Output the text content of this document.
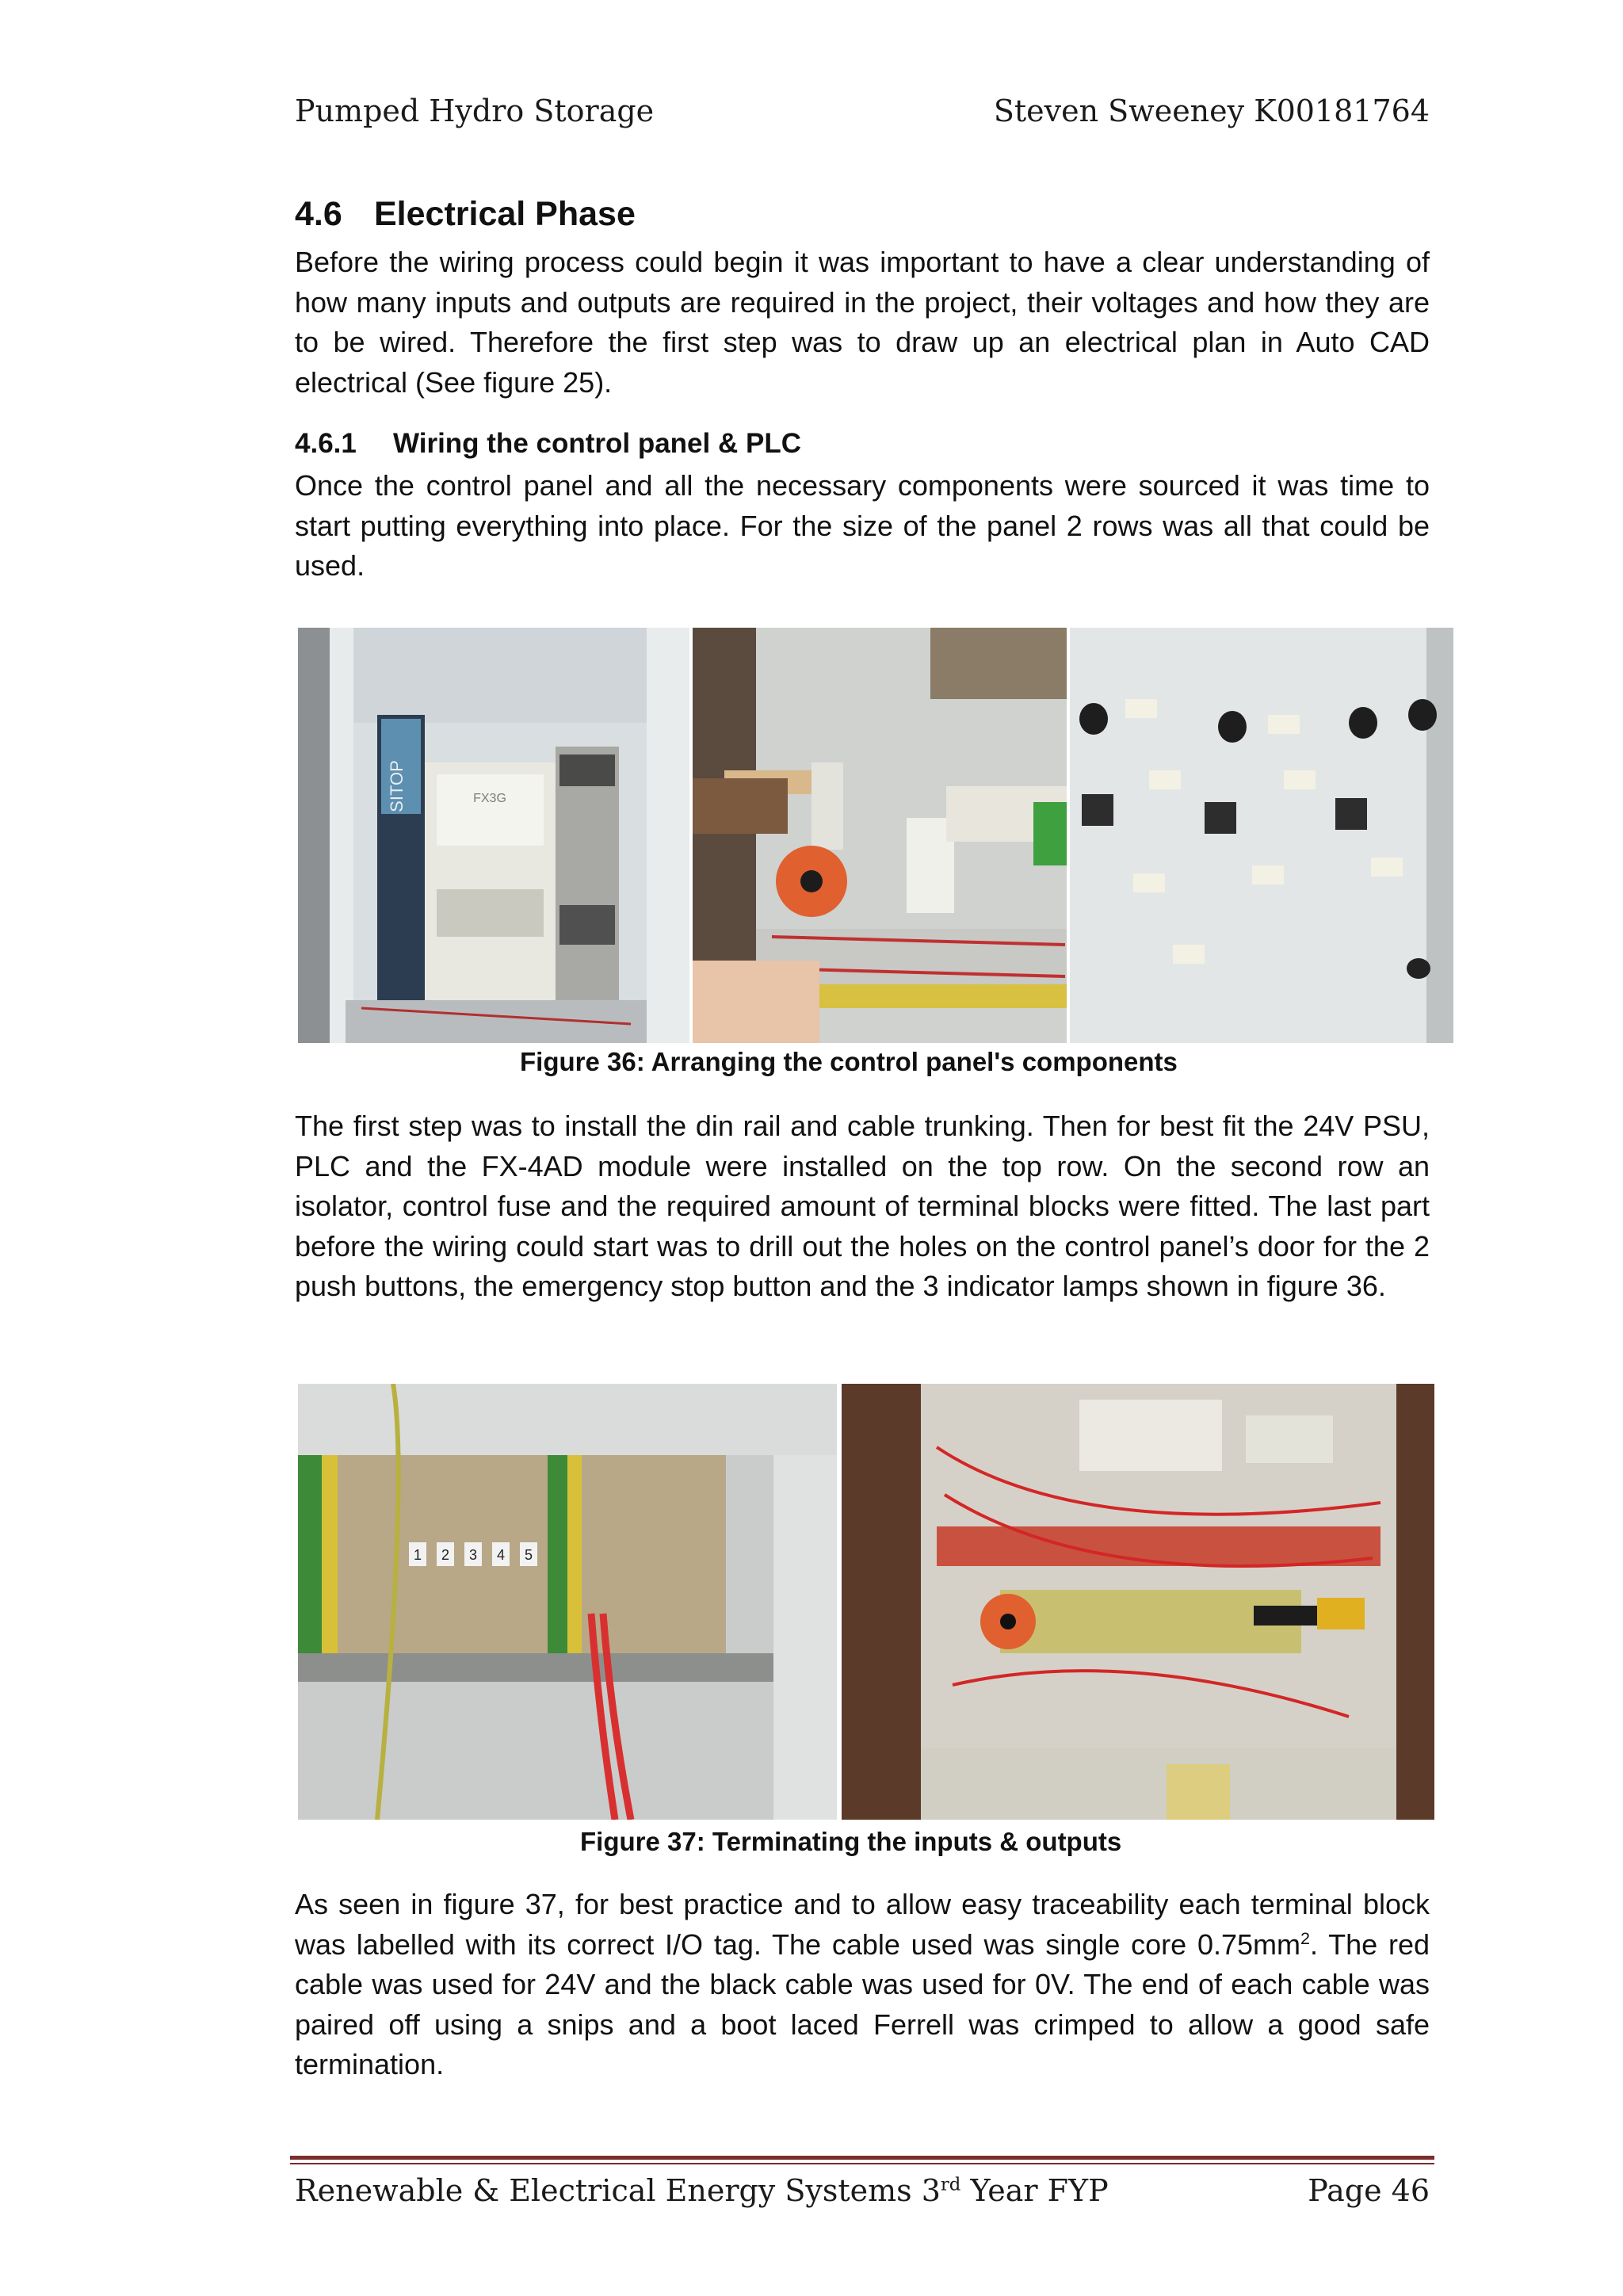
Pumped Hydro Storage	Steven Sweeney K00181764
4.6 Electrical Phase

Before the wiring process could begin it was important to have a clear understanding of how many inputs and outputs are required in the project, their voltages and how they are to be wired. Therefore the first step was to draw up an electrical plan in Auto CAD electrical (See figure 25).

4.6.1 Wiring the control panel & PLC

Once the control panel and all the necessary components were sourced it was time to start putting everything into place. For the size of the panel 2 rows was all that could be used.

SITOP	FX3G
Figure 36: Arranging the control panel's components

The first step was to install the din rail and cable trunking. Then for best fit the 24V PSU, PLC and the FX-4AD module were installed on the top row. On the second row an isolator, control fuse and the required amount of terminal blocks were fitted. The last part before the wiring could start was to drill out the holes on the control panel’s door for the 2 push buttons, the emergency stop button and the 3 indicator lamps shown in figure 36.

1 2 3 4 5
Figure 37: Terminating the inputs & outputs

As seen in figure 37, for best practice and to allow easy traceability each terminal block was labelled with its correct I/O tag. The cable used was single core $0.75mm^2$. The red cable was used for 24V and the black cable was used for 0V. The end of each cable was paired off using a snips and a boot laced Ferrell was crimped to allow a good safe termination.

Renewable & Electrical Energy Systems 3rd Year FYP	Page 46
